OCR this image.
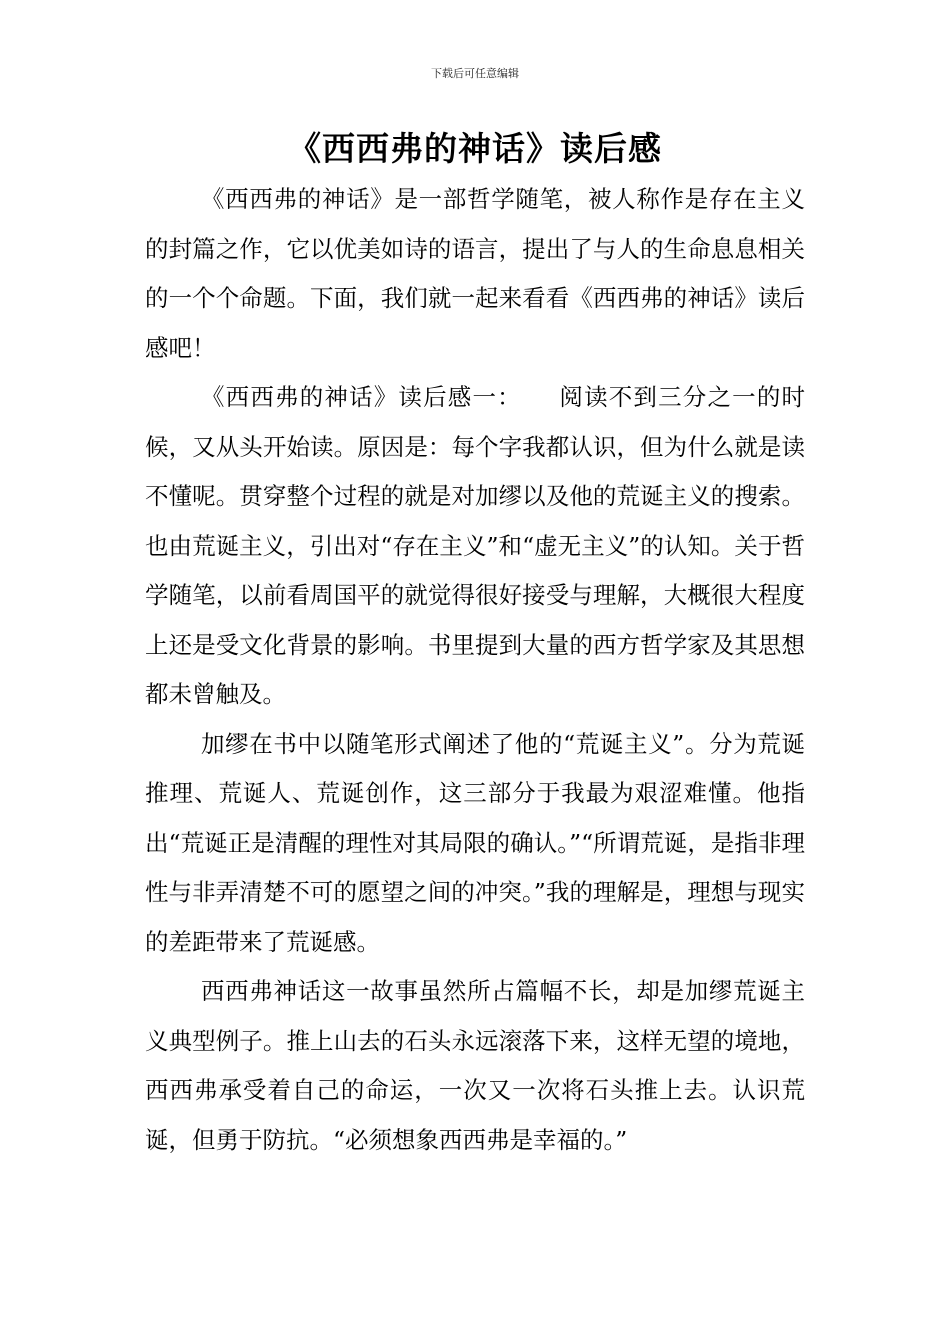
下载后可任意编辑
《西西弗的神话》读后感

《西西弗的神话》是一部哲学随笔，被人称作是存在主义的封篇之作，它以优美如诗的语言，提出了与人的生命息息相关的一个个命题。下面，我们就一起来看看《西西弗的神话》读后感吧！

《西西弗的神话》读后感一：　　阅读不到三分之一的时候，又从头开始读。原因是：每个字我都认识，但为什么就是读不懂呢。贯穿整个过程的就是对加缪以及他的荒诞主义的搜索。也由荒诞主义，引出对“存在主义”和“虚无主义”的认知。关于哲学随笔，以前看周国平的就觉得很好接受与理解，大概很大程度上还是受文化背景的影响。书里提到大量的西方哲学家及其思想都未曾触及。

加缪在书中以随笔形式阐述了他的“荒诞主义”。分为荒诞推理、荒诞人、荒诞创作，这三部分于我最为艰涩难懂。他指出“荒诞正是清醒的理性对其局限的确认。”“所谓荒诞，是指非理性与非弄清楚不可的愿望之间的冲突。”我的理解是，理想与现实的差距带来了荒诞感。

西西弗神话这一故事虽然所占篇幅不长，却是加缪荒诞主义典型例子。推上山去的石头永远滚落下来，这样无望的境地，西西弗承受着自己的命运，一次又一次将石头推上去。认识荒诞，但勇于防抗。“必须想象西西弗是幸福的。”
